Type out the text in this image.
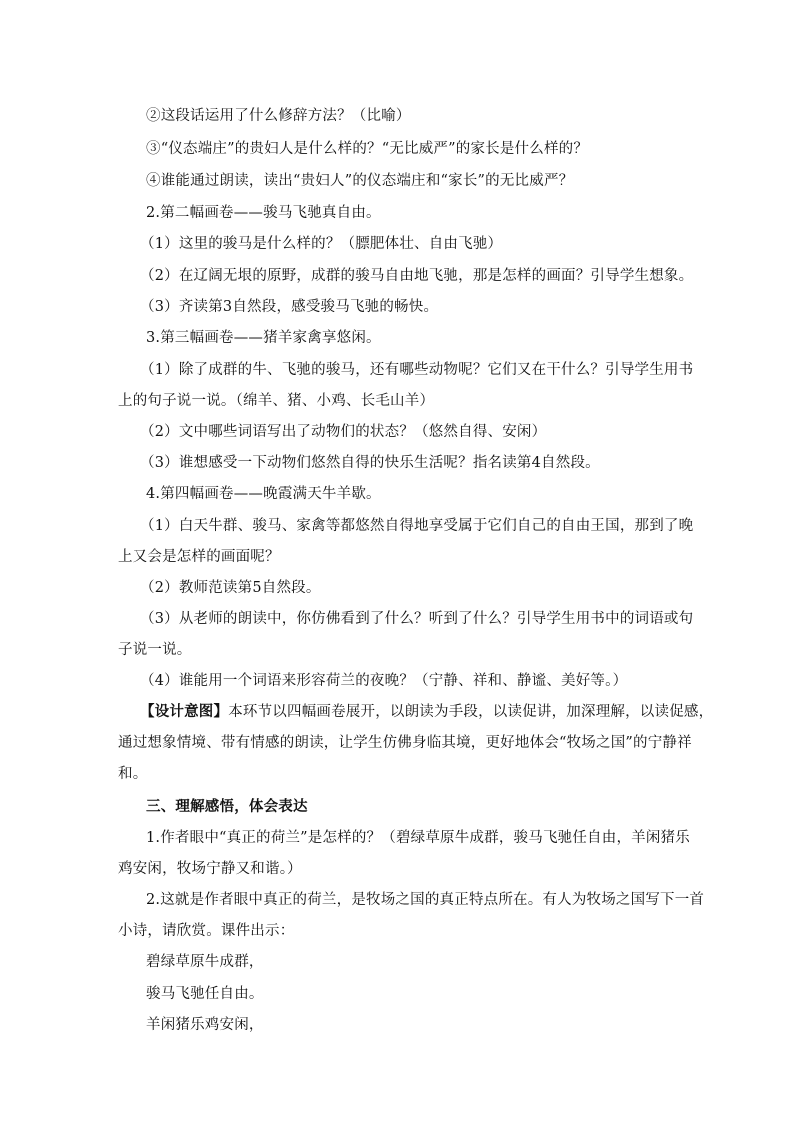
②这段话运用了什么修辞方法？（比喻）
③“仪态端庄”的贵妇人是什么样的？“无比威严”的家长是什么样的？
④谁能通过朗读，读出“贵妇人”的仪态端庄和“家长”的无比威严？
2.第二幅画卷——骏马飞驰真自由。
（1）这里的骏马是什么样的？（膘肥体壮、自由飞驰）
（2）在辽阔无垠的原野，成群的骏马自由地飞驰，那是怎样的画面？引导学生想象。
（3）齐读第3自然段，感受骏马飞驰的畅快。
3.第三幅画卷——猪羊家禽享悠闲。
（1）除了成群的牛、飞驰的骏马，还有哪些动物呢？它们又在干什么？引导学生用书
上的句子说一说。（绵羊、猪、小鸡、长毛山羊）
（2）文中哪些词语写出了动物们的状态？（悠然自得、安闲）
（3）谁想感受一下动物们悠然自得的快乐生活呢？指名读第4自然段。
4.第四幅画卷——晚霞满天牛羊歇。
（1）白天牛群、骏马、家禽等都悠然自得地享受属于它们自己的自由王国，那到了晚
上又会是怎样的画面呢？
（2）教师范读第5自然段。
（3）从老师的朗读中，你仿佛看到了什么？听到了什么？引导学生用书中的词语或句
子说一说。
（4）谁能用一个词语来形容荷兰的夜晚？（宁静、祥和、静谧、美好等。）
【设计意图】本环节以四幅画卷展开，以朗读为手段，以读促讲，加深理解，以读促感，
通过想象情境、带有情感的朗读，让学生仿佛身临其境，更好地体会“牧场之国”的宁静祥
和。
三、理解感悟，体会表达
1.作者眼中“真正的荷兰”是怎样的？（碧绿草原牛成群，骏马飞驰任自由，羊闲猪乐
鸡安闲，牧场宁静又和谐。）
2.这就是作者眼中真正的荷兰，是牧场之国的真正特点所在。有人为牧场之国写下一首
小诗，请欣赏。课件出示：
碧绿草原牛成群，
骏马飞驰任自由。
羊闲猪乐鸡安闲，
